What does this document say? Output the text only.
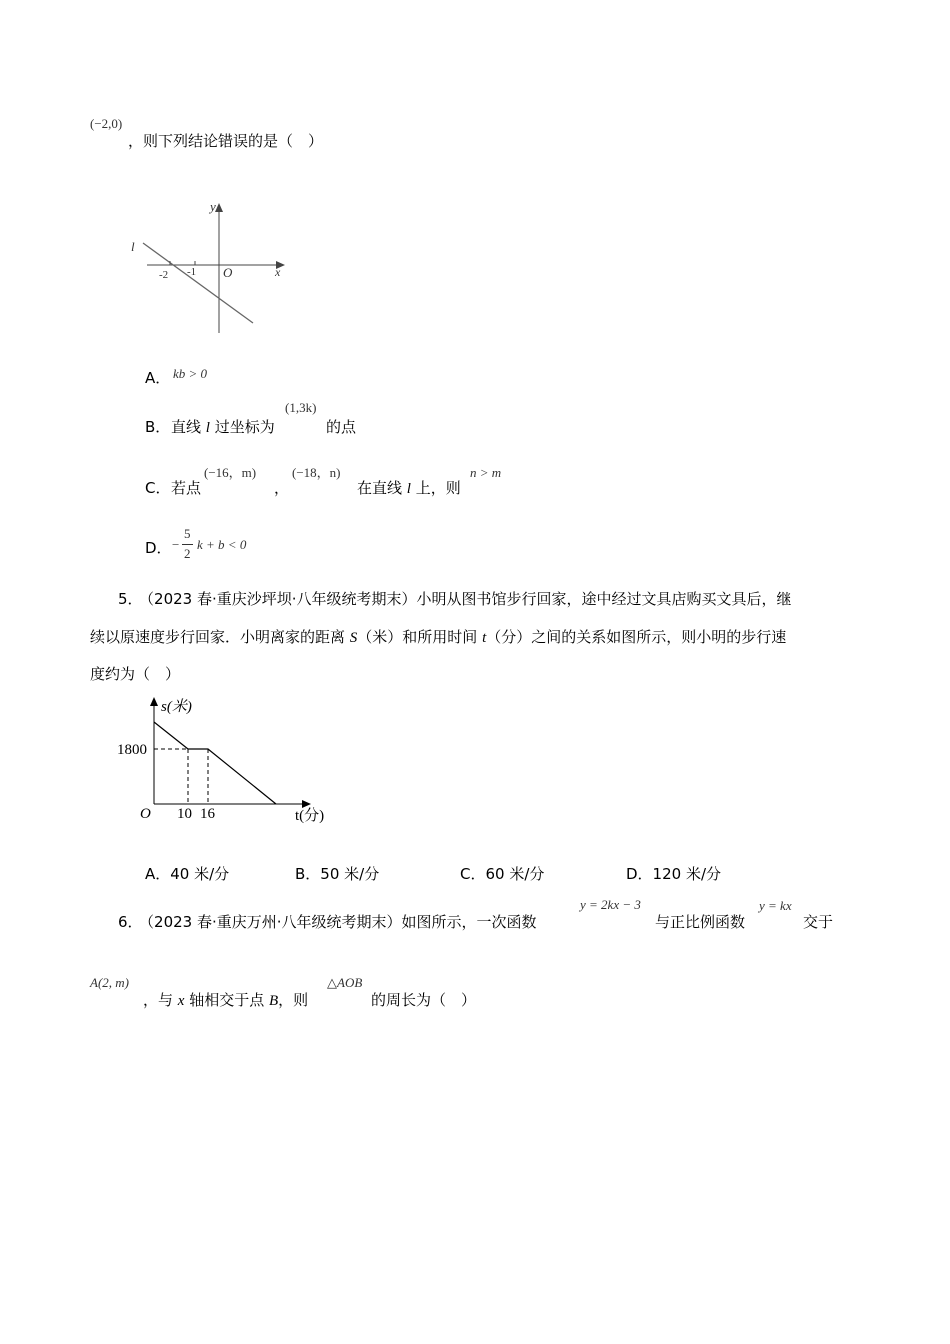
(−2,0)
，则下列结论错误的是（　）
y
x
O
-2 -1
l
A． kb > 0
B． 直线 l 过坐标为
(1,3k)
的点
C． 若点
(−16，m)
，
(−18，n)
在直线 l 上，则
n > m
D． −
5
2
k + b < 0
5． （2023 春·重庆沙坪坝·八年级统考期末）小明从图书馆步行回家，途中经过文具店购买文具后，继
续以原速度步行回家．小明离家的距离 S（米）和所用时间 t（分）之间的关系如图所示，则小明的步行速
度约为（　）
s(米)
t(分)
O
1800
10 16
A．40 米/分	B．50 米/分	C．60 米/分	D．120 米/分
6． （2023 春·重庆万州·八年级统考期末）如图所示，一次函数
y = 2kx − 3
与正比例函数
y = kx
交于
A(2, m)
，与 x 轴相交于点 B，则
△AOB
的周长为（　）
